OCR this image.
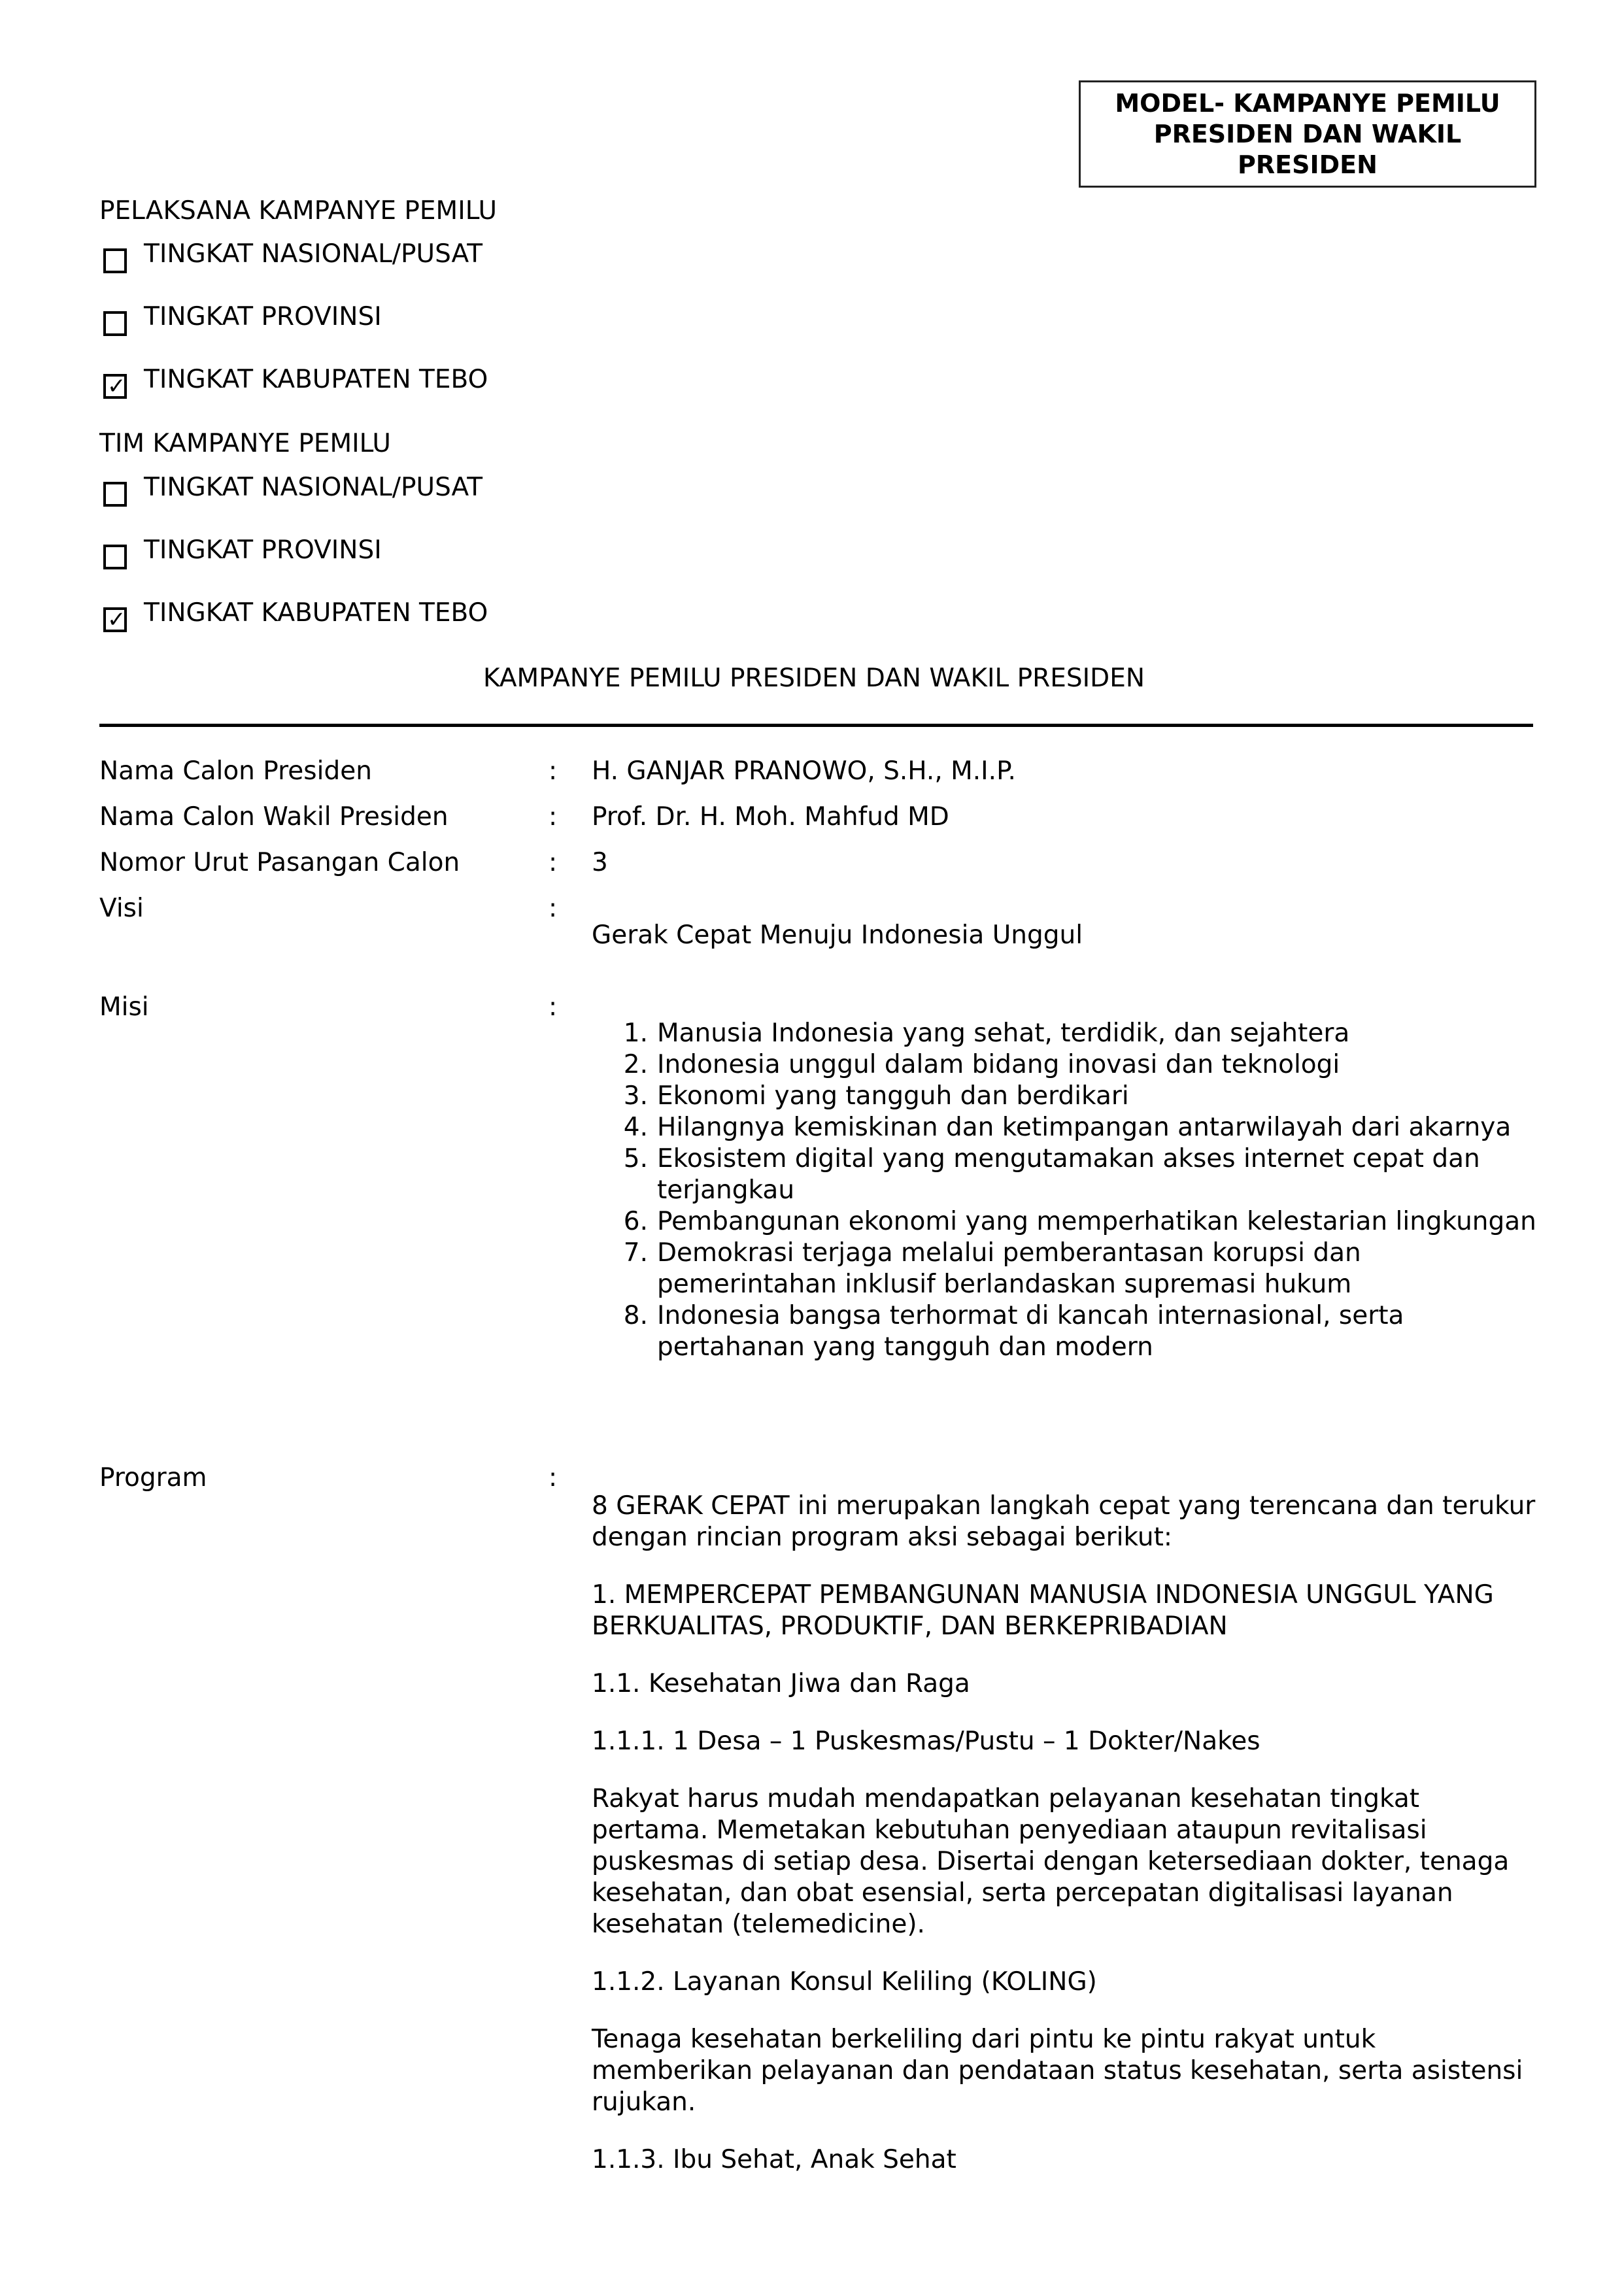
MODEL- KAMPANYE PEMILU
PRESIDEN DAN WAKIL
PRESIDEN
PELAKSANA KAMPANYE PEMILU
TINGKAT NASIONAL/PUSAT
TINGKAT PROVINSI
✓ TINGKAT KABUPATEN TEBO
TIM KAMPANYE PEMILU
TINGKAT NASIONAL/PUSAT
TINGKAT PROVINSI
✓ TINGKAT KABUPATEN TEBO
KAMPANYE PEMILU PRESIDEN DAN WAKIL PRESIDEN
Nama Calon Presiden	: H. GANJAR PRANOWO, S.H., M.I.P.
Nama Calon Wakil Presiden	: Prof. Dr. H. Moh. Mahfud MD
Nomor Urut Pasangan Calon	: 3
Visi	:
Gerak Cepat Menuju Indonesia Unggul
Misi	:
1. Manusia Indonesia yang sehat, terdidik, dan sejahtera
2. Indonesia unggul dalam bidang inovasi dan teknologi
3. Ekonomi yang tangguh dan berdikari
4. Hilangnya kemiskinan dan ketimpangan antarwilayah dari akarnya
5. Ekosistem digital yang mengutamakan akses internet cepat dan terjangkau
6. Pembangunan ekonomi yang memperhatikan kelestarian lingkungan
7. Demokrasi terjaga melalui pemberantasan korupsi dan pemerintahan inklusif berlandaskan supremasi hukum
8. Indonesia bangsa terhormat di kancah internasional, serta pertahanan yang tangguh dan modern
Program	:

8 GERAK CEPAT ini merupakan langkah cepat yang terencana dan terukur dengan rincian program aksi sebagai berikut:

1. MEMPERCEPAT PEMBANGUNAN MANUSIA INDONESIA UNGGUL YANG BERKUALITAS, PRODUKTIF, DAN BERKEPRIBADIAN

1.1. Kesehatan Jiwa dan Raga

1.1.1. 1 Desa – 1 Puskesmas/Pustu – 1 Dokter/Nakes

Rakyat harus mudah mendapatkan pelayanan kesehatan tingkat pertama. Memetakan kebutuhan penyediaan ataupun revitalisasi puskesmas di setiap desa. Disertai dengan ketersediaan dokter, tenaga kesehatan, dan obat esensial, serta percepatan digitalisasi layanan kesehatan (telemedicine).

1.1.2. Layanan Konsul Keliling (KOLING)

Tenaga kesehatan berkeliling dari pintu ke pintu rakyat untuk memberikan pelayanan dan pendataan status kesehatan, serta asistensi rujukan.

1.1.3. Ibu Sehat, Anak Sehat
